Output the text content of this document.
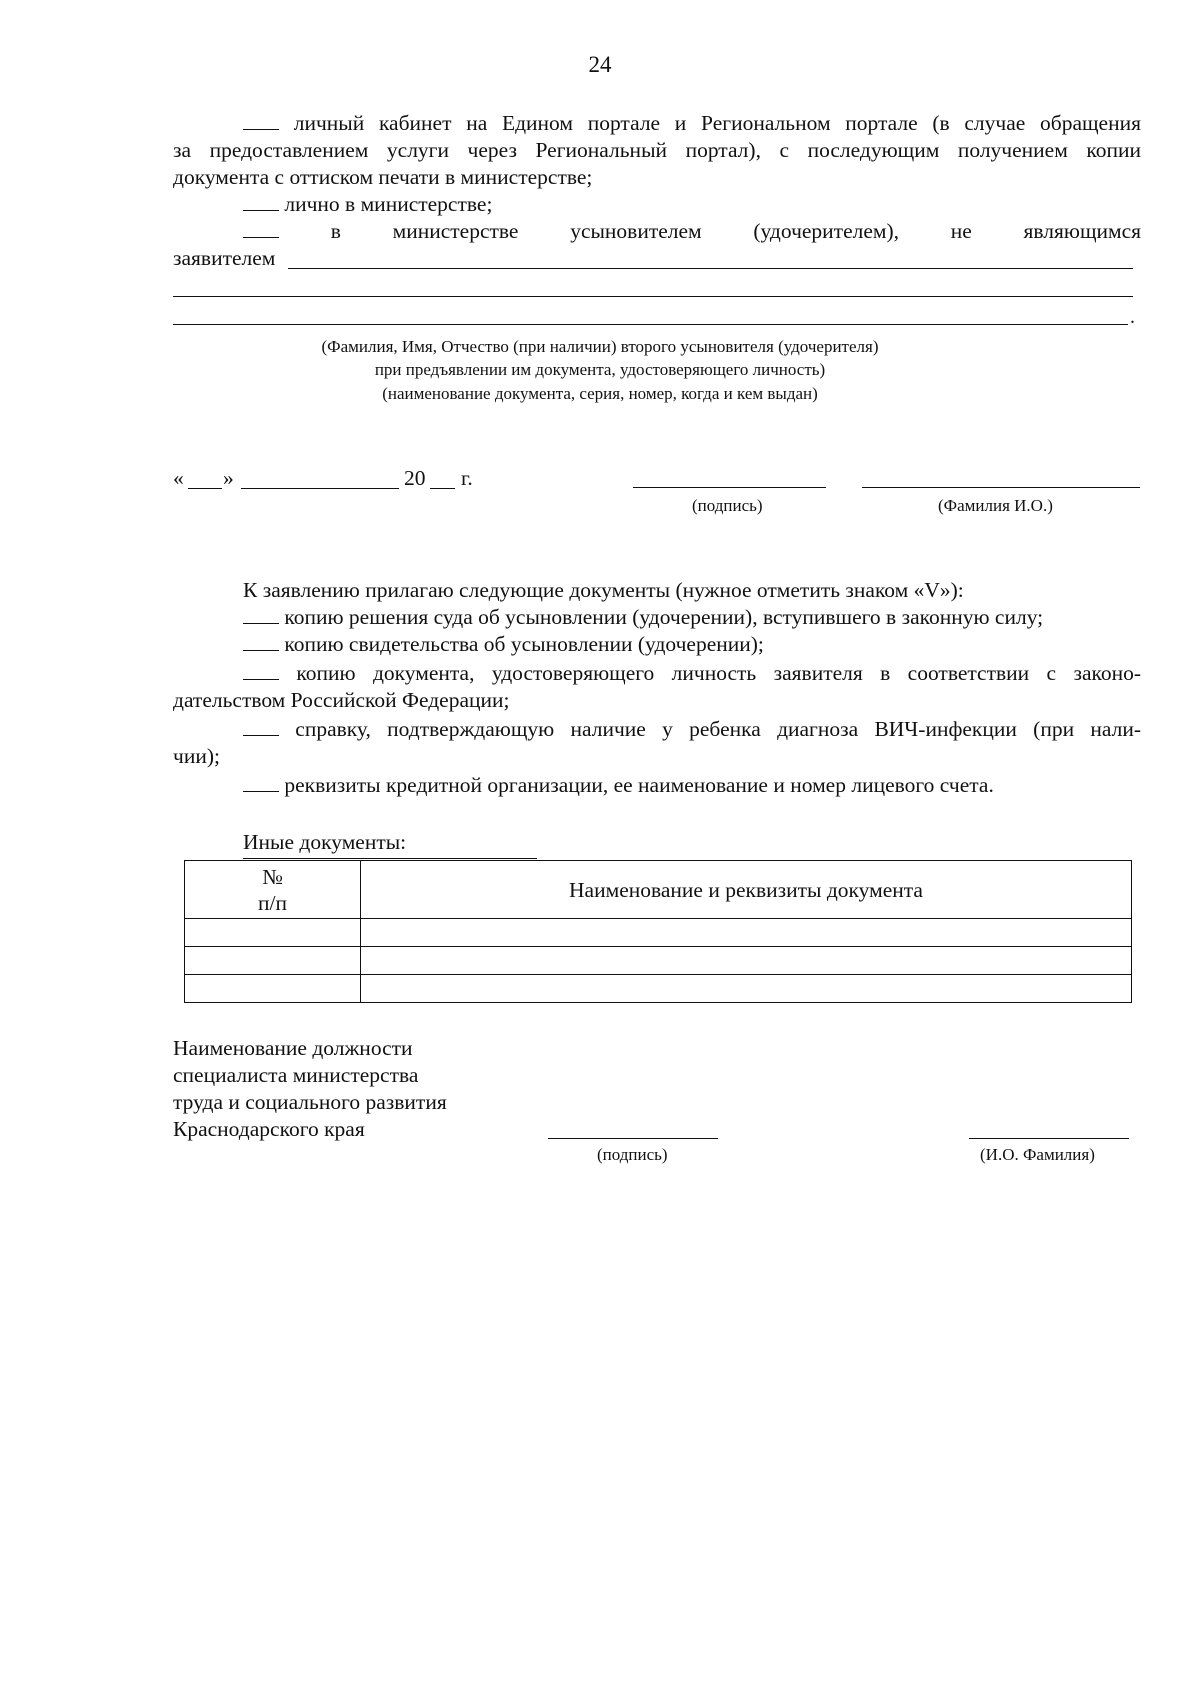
24
личный кабинет на Едином портале и Региональном портале (в случае обращения
за предоставлением услуги через Региональный портал), с последующим получением копии
документа с оттиском печати в министерстве;
лично в министерстве;
в министерстве усыновителем (удочерителем), не являющимся
заявителем
.
(Фамилия, Имя, Отчество (при наличии) второго усыновителя (удочерителя)
при предъявлении им документа, удостоверяющего личность)
(наименование документа, серия, номер, когда и кем выдан)
« »	20 г.
(подпись)	(Фамилия И.О.)
К заявлению прилагаю следующие документы (нужное отметить знаком «V»):
копию решения суда об усыновлении (удочерении), вступившего в законную силу;
копию свидетельства об усыновлении (удочерении);
копию документа, удостоверяющего личность заявителя в соответствии с законо-
дательством Российской Федерации;
справку, подтверждающую наличие у ребенка диагноза ВИЧ-инфекции (при нали-
чии);
реквизиты кредитной организации, ее наименование и номер лицевого счета.
Иные документы:
№
п/п	Наименование и реквизиты документа

Наименование должности
специалиста министерства
труда и социального развития
Краснодарского края
(подпись)	(И.О. Фамилия)
